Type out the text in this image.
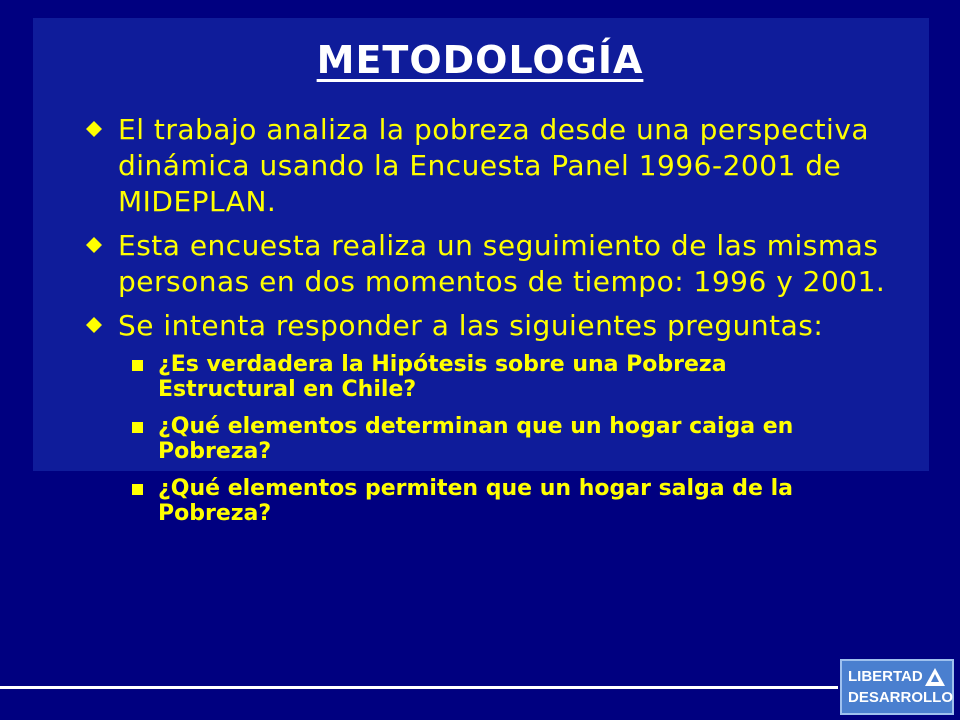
METODOLOGÍA
El trabajo analiza la pobreza desde una perspectiva dinámica usando la Encuesta Panel 1996-2001 de MIDEPLAN.
Esta encuesta realiza un seguimiento de las mismas personas en dos momentos de tiempo: 1996 y 2001.
Se intenta responder a las siguientes preguntas:
¿Es verdadera la Hipótesis sobre una Pobreza Estructural en Chile?
¿Qué elementos determinan que un hogar caiga en Pobreza?
¿Qué elementos permiten que un hogar salga de la Pobreza?
LIBERTAD
DESARROLLO
